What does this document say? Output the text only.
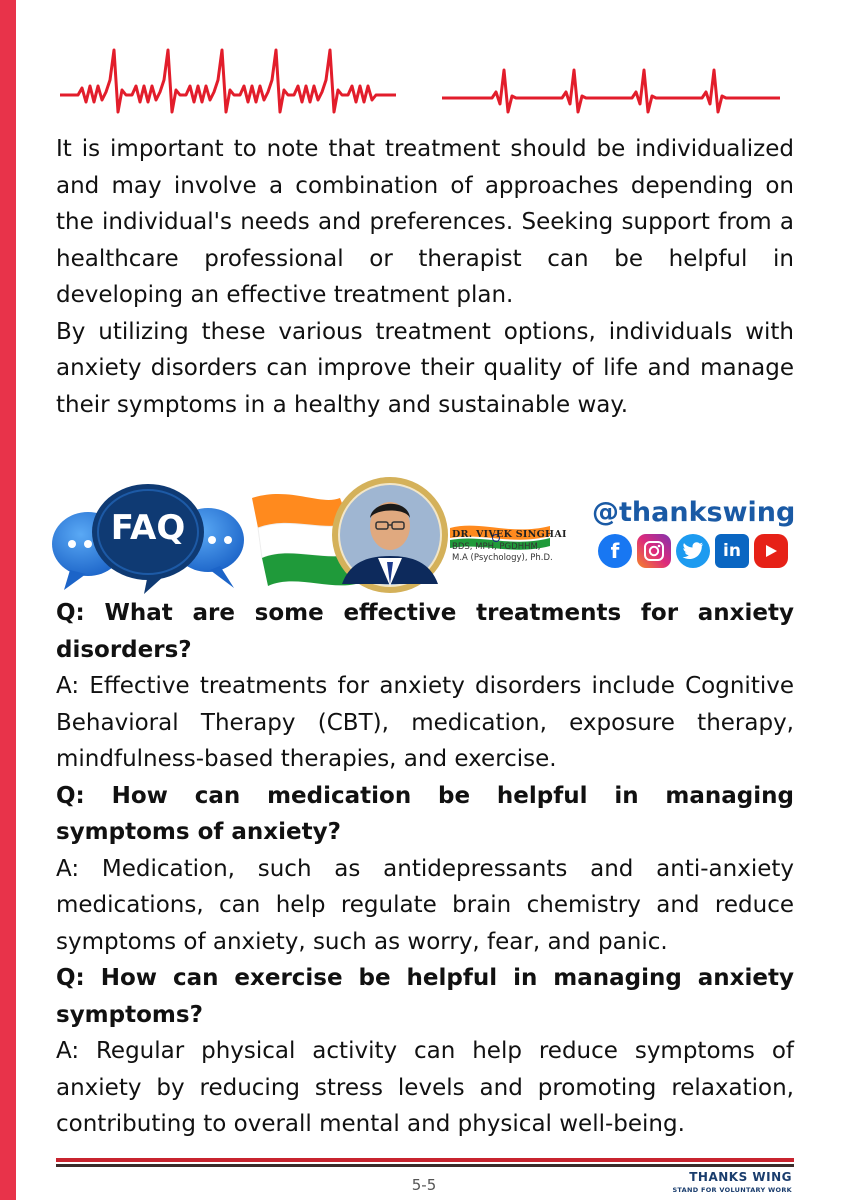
It is important to note that treatment should be individualized and may involve a combination of approaches depending on the individual's needs and preferences. Seeking support from a healthcare professional or therapist can be helpful in developing an effective treatment plan.

By utilizing these various treatment options, individuals with anxiety disorders can improve their quality of life and manage their symptoms in a healthy and sustainable way.

FAQ	DR. VIVEK SINGHAI
BDS, MPH, PGDHHM,
M.A (Psychology), Ph.D.
@thankswing
f	in

Q: What are some effective treatments for anxiety disorders?

A: Effective treatments for anxiety disorders include Cognitive Behavioral Therapy (CBT), medication, exposure therapy, mindfulness-based therapies, and exercise.

Q: How can medication be helpful in managing symptoms of anxiety?

A: Medication, such as antidepressants and anti-anxiety medications, can help regulate brain chemistry and reduce symptoms of anxiety, such as worry, fear, and panic.

Q: How can exercise be helpful in managing anxiety symptoms?

A: Regular physical activity can help reduce symptoms of anxiety by reducing stress levels and promoting relaxation, contributing to overall mental and physical well-being.

5-5	THANKS WING
STAND FOR VOLUNTARY WORK
